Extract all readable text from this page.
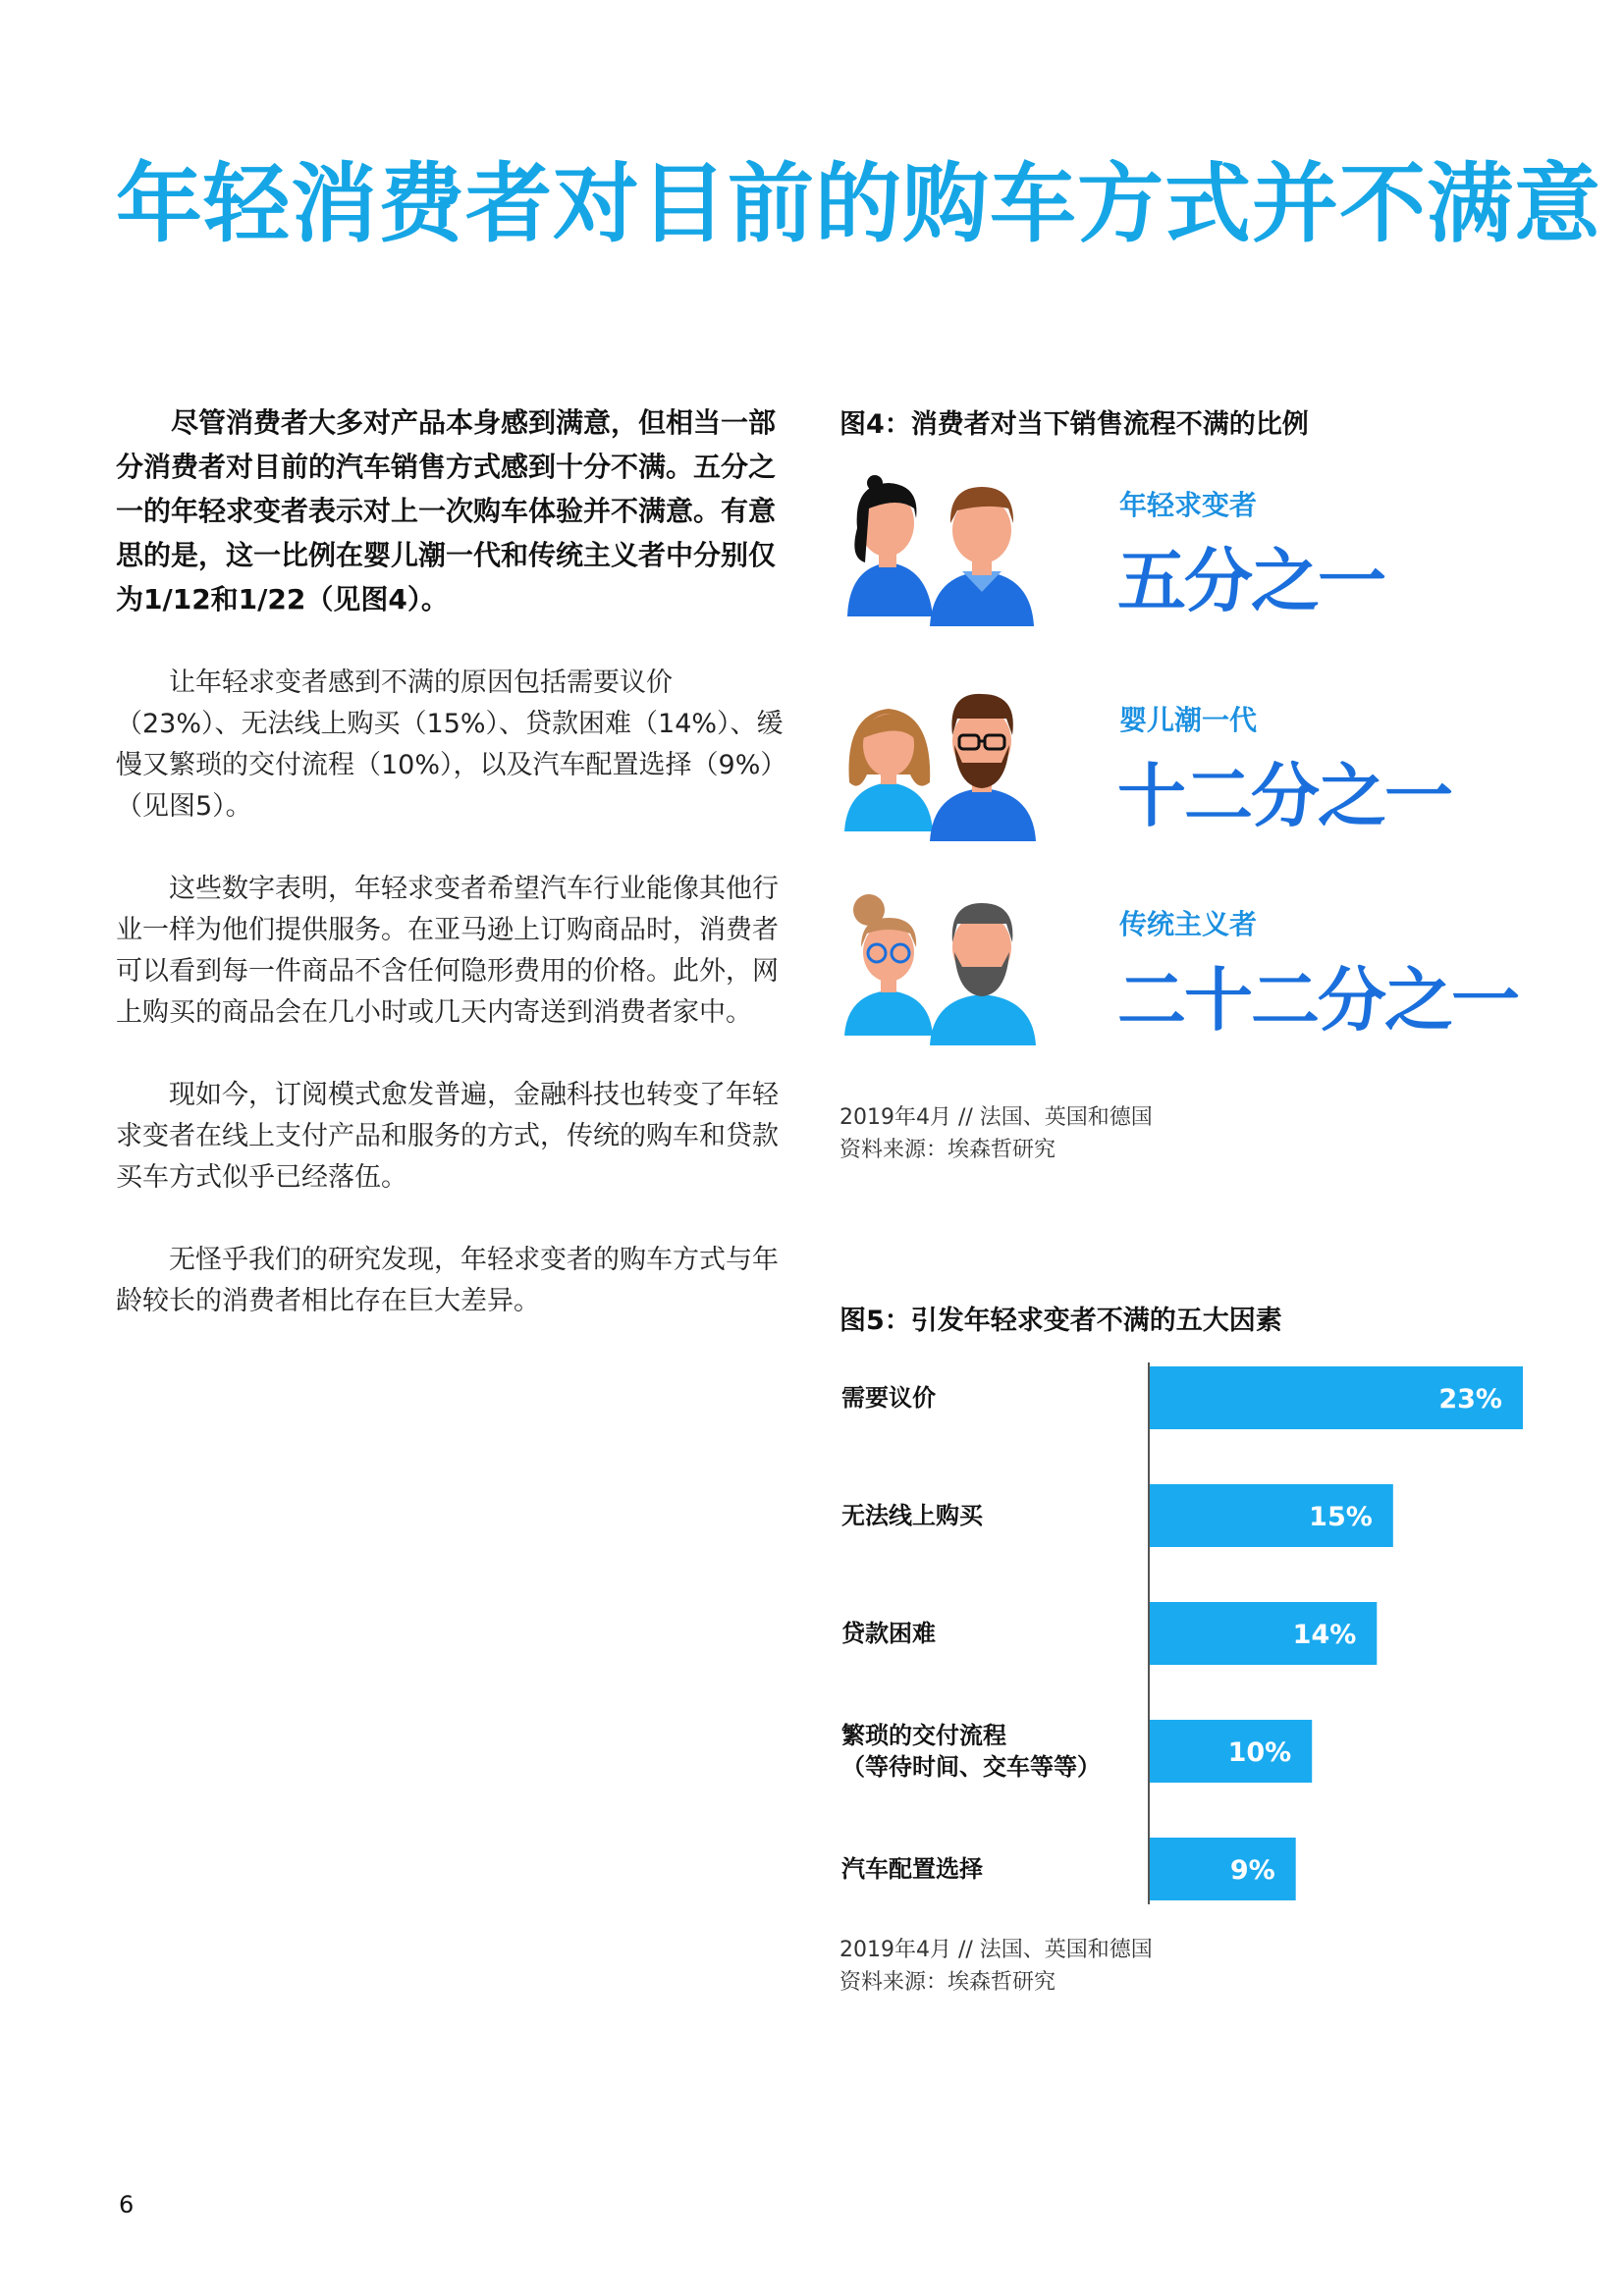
年轻消费者对目前的购车方式并不满意

尽管消费者大多对产品本身感到满意，但相当一部分消费者对目前的汽车销售方式感到十分不满。五分之一的年轻求变者表示对上一次购车体验并不满意。有意思的是，这一比例在婴儿潮一代和传统主义者中分别仅为1/12和1/22（见图4）。

让年轻求变者感到不满的原因包括需要议价（23%）、无法线上购买（15%）、贷款困难（14%）、缓慢又繁琐的交付流程（10%），以及汽车配置选择（9%）（见图5）。

这些数字表明，年轻求变者希望汽车行业能像其他行业一样为他们提供服务。在亚马逊上订购商品时，消费者可以看到每一件商品不含任何隐形费用的价格。此外，网上购买的商品会在几小时或几天内寄送到消费者家中。

现如今，订阅模式愈发普遍，金融科技也转变了年轻求变者在线上支付产品和服务的方式，传统的购车和贷款买车方式似乎已经落伍。

无怪乎我们的研究发现，年轻求变者的购车方式与年龄较长的消费者相比存在巨大差异。

图4：消费者对当下销售流程不满的比例
年轻求变者
五分之一
婴儿潮一代
十二分之一
传统主义者
二十二分之一
2019年4月 // 法国、英国和德国
资料来源：埃森哲研究
图5：引发年轻求变者不满的五大因素
23%
需要议价
15%
无法线上购买
14%
贷款困难
10%
繁琐的交付流程（等待时间、交车等等）
9%
汽车配置选择
2019年4月 // 法国、英国和德国
资料来源：埃森哲研究
6
